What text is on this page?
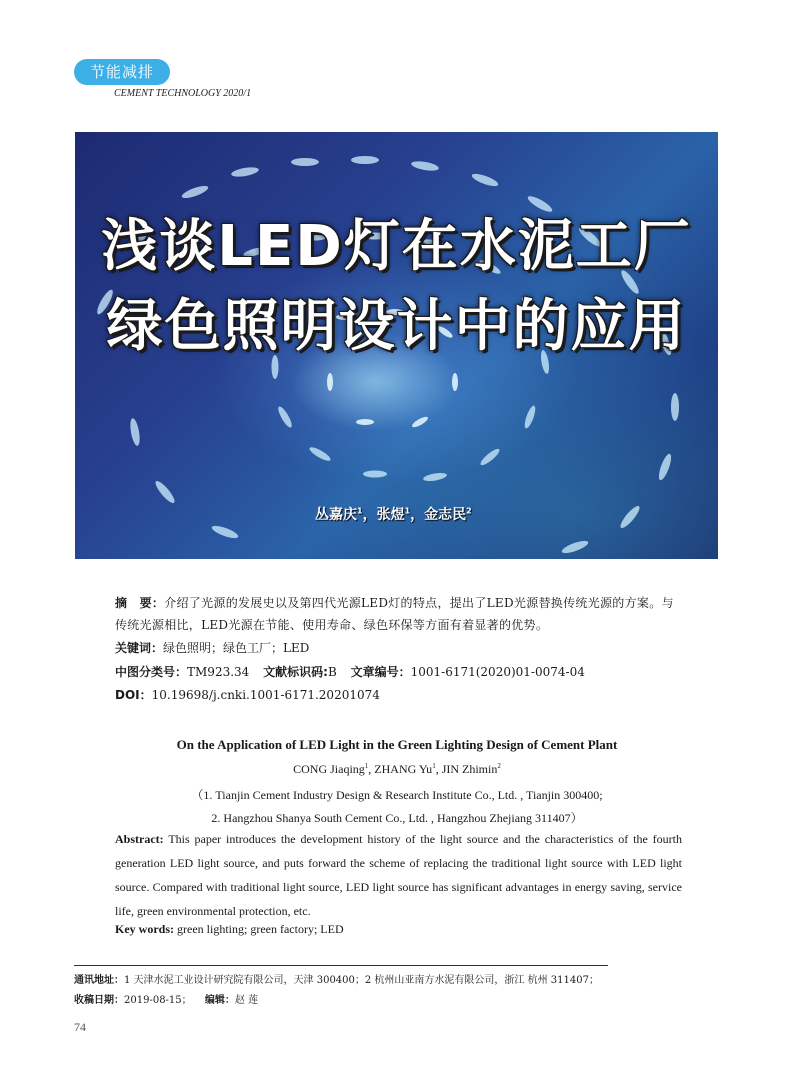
节能减排
CEMENT TECHNOLOGY 2020/1
浅谈LED灯在水泥工厂
绿色照明设计中的应用
丛嘉庆$^1$，张煜$^1$，金志民$^2$
摘　要：介绍了光源的发展史以及第四代光源LED灯的特点，提出了LED光源替换传统光源的方案。与传统光源相比，LED光源在节能、使用寿命、绿色环保等方面有着显著的优势。
关键词：绿色照明；绿色工厂；LED
中图分类号：TM923.34 文献标识码:B 文章编号：1001-6171(2020)01-0074-04
DOI：10.19698/j.cnki.1001-6171.20201074
On the Application of LED Light in the Green Lighting Design of Cement Plant
CONG Jiaqing$^1$, ZHANG Yu$^1$, JIN Zhimin$^2$
（1. Tianjin Cement Industry Design & Research Institute Co., Ltd. , Tianjin 300400;
2. Hangzhou Shanya South Cement Co., Ltd. , Hangzhou Zhejiang 311407）
Abstract: This paper introduces the development history of the light source and the characteristics of the fourth generation LED light source, and puts forward the scheme of replacing the traditional light source with LED light source. Compared with traditional light source, LED light source has significant advantages in energy saving, service life, green environmental protection, etc.
Key words: green lighting; green factory; LED
通讯地址：1 天津水泥工业设计研究院有限公司，天津 300400；2 杭州山亚南方水泥有限公司，浙江 杭州 311407；
收稿日期：2019-08-15； 编辑：赵 莲
74
